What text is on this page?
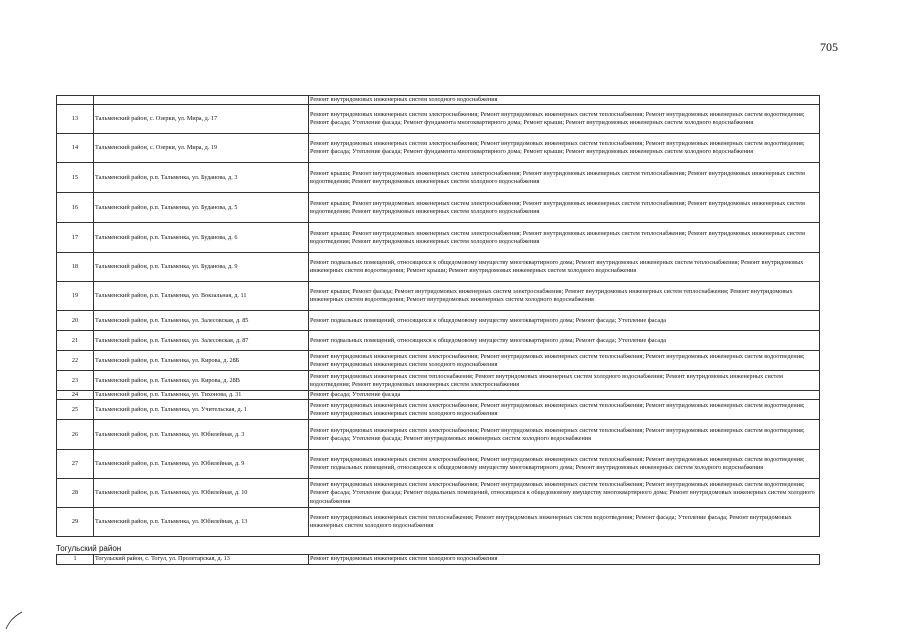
705
		Ремонт внутридомовых инженерных систем холодного водоснабжения
13	Тальменский район, с. Озерки, ул. Мира, д. 17	Ремонт внутридомовых инженерных систем электроснабжения; Ремонт внутридомовых инженерных систем теплоснабжения; Ремонт внутридомовых инженерных систем водоотведения; Ремонт фасада; Утепление фасада; Ремонт фундамента многоквартирного дома; Ремонт крыши; Ремонт внутридомовых инженерных систем холодного водоснабжения
14	Тальменский район, с. Озерки, ул. Мира, д. 19	Ремонт внутридомовых инженерных систем электроснабжения; Ремонт внутридомовых инженерных систем теплоснабжения; Ремонт внутридомовых инженерных систем водоотведения; Ремонт фасада; Утепление фасада; Ремонт фундамента многоквартирного дома; Ремонт крыши; Ремонт внутридомовых инженерных систем холодного водоснабжения
15	Тальменский район, р.п. Тальменка, ул. Буданова, д. 3	Ремонт крыши; Ремонт внутридомовых инженерных систем электроснабжения; Ремонт внутридомовых инженерных систем теплоснабжения; Ремонт внутридомовых инженерных систем водоотведения; Ремонт внутридомовых инженерных систем холодного водоснабжения
16	Тальменский район, р.п. Тальменка, ул. Буданова, д. 5	Ремонт крыши; Ремонт внутридомовых инженерных систем электроснабжения; Ремонт внутридомовых инженерных систем теплоснабжения; Ремонт внутридомовых инженерных систем водоотведения; Ремонт внутридомовых инженерных систем холодного водоснабжения
17	Тальменский район, р.п. Тальменка, ул. Буданова, д. 6	Ремонт крыши; Ремонт внутридомовых инженерных систем электроснабжения; Ремонт внутридомовых инженерных систем теплоснабжения; Ремонт внутридомовых инженерных систем водоотведения; Ремонт внутридомовых инженерных систем холодного водоснабжения
18	Тальменский район, р.п. Тальменка, ул. Буданова, д. 9	Ремонт подвальных помещений, относящихся к общедомовому имуществу многоквартирного дома; Ремонт внутридомовых инженерных систем теплоснабжения; Ремонт внутридомовых инженерных систем водоотведения; Ремонт крыши; Ремонт внутридомовых инженерных систем холодного водоснабжения
19	Тальменский район, р.п. Тальменка, ул. Вокзальная, д. 11	Ремонт крыши; Ремонт фасада; Ремонт внутридомовых инженерных систем электроснабжения; Ремонт внутридомовых инженерных систем теплоснабжения; Ремонт внутридомовых инженерных систем водоотведения; Ремонт внутридомовых инженерных систем холодного водоснабжения
20	Тальменский район, р.п. Тальменка, ул. Залесовская, д. 85	Ремонт подвальных помещений, относящихся к общедомовому имуществу многоквартирного дома; Ремонт фасада; Утепление фасада
21	Тальменский район, р.п. Тальменка, ул. Залесовская, д. 87	Ремонт подвальных помещений, относящихся к общедомовому имуществу многоквартирного дома; Ремонт фасада; Утепление фасада
22	Тальменский район, р.п. Тальменка, ул. Кирова, д. 28Б	Ремонт внутридомовых инженерных систем электроснабжения; Ремонт внутридомовых инженерных систем теплоснабжения; Ремонт внутридомовых инженерных систем водоотведения; Ремонт внутридомовых инженерных систем холодного водоснабжения
23	Тальменский район, р.п. Тальменка, ул. Кирова, д. 28В	Ремонт внутридомовых инженерных систем теплоснабжения; Ремонт внутридомовых инженерных систем холодного водоснабжения; Ремонт внутридомовых инженерных систем водоотведения; Ремонт внутридомовых инженерных систем электроснабжения
24	Тальменский район, р.п. Тальменка, ул. Тихонова, д. 31	Ремонт фасада; Утепление фасада
25	Тальменский район, р.п. Тальменка, ул. Учительская, д. 1	Ремонт внутридомовых инженерных систем электроснабжения; Ремонт внутридомовых инженерных систем теплоснабжения; Ремонт внутридомовых инженерных систем водоотведения; Ремонт внутридомовых инженерных систем холодного водоснабжения
26	Тальменский район, р.п. Тальменка, ул. Юбилейная, д. 3	Ремонт внутридомовых инженерных систем электроснабжения; Ремонт внутридомовых инженерных систем теплоснабжения; Ремонт внутридомовых инженерных систем водоотведения; Ремонт фасада; Утепление фасада; Ремонт внутридомовых инженерных систем холодного водоснабжения
27	Тальменский район, р.п. Тальменка, ул. Юбилейная, д. 9	Ремонт внутридомовых инженерных систем электроснабжения; Ремонт внутридомовых инженерных систем теплоснабжения; Ремонт внутридомовых инженерных систем водоотведения; Ремонт подвальных помещений, относящихся к общедомовому имуществу многоквартирного дома; Ремонт внутридомовых инженерных систем холодного водоснабжения
28	Тальменский район, р.п. Тальменка, ул. Юбилейная, д. 10	Ремонт внутридомовых инженерных систем электроснабжения; Ремонт внутридомовых инженерных систем теплоснабжения; Ремонт внутридомовых инженерных систем водоотведения; Ремонт фасада; Утепление фасада; Ремонт подвальных помещений, относящихся к общедомовому имуществу многоквартирного дома; Ремонт внутридомовых инженерных систем холодного водоснабжения
29	Тальменский район, р.п. Тальменка, ул. Юбилейная, д. 13	Ремонт внутридомовых инженерных систем теплоснабжения; Ремонт внутридомовых инженерных систем водоотведения; Ремонт фасада; Утепление фасада; Ремонт внутридомовых инженерных систем холодного водоснабжения
Тогульский район
1	Тогульский район, с. Тогул, ул. Пролетарская, д. 13	Ремонт внутридомовых инженерных систем холодного водоснабжения
